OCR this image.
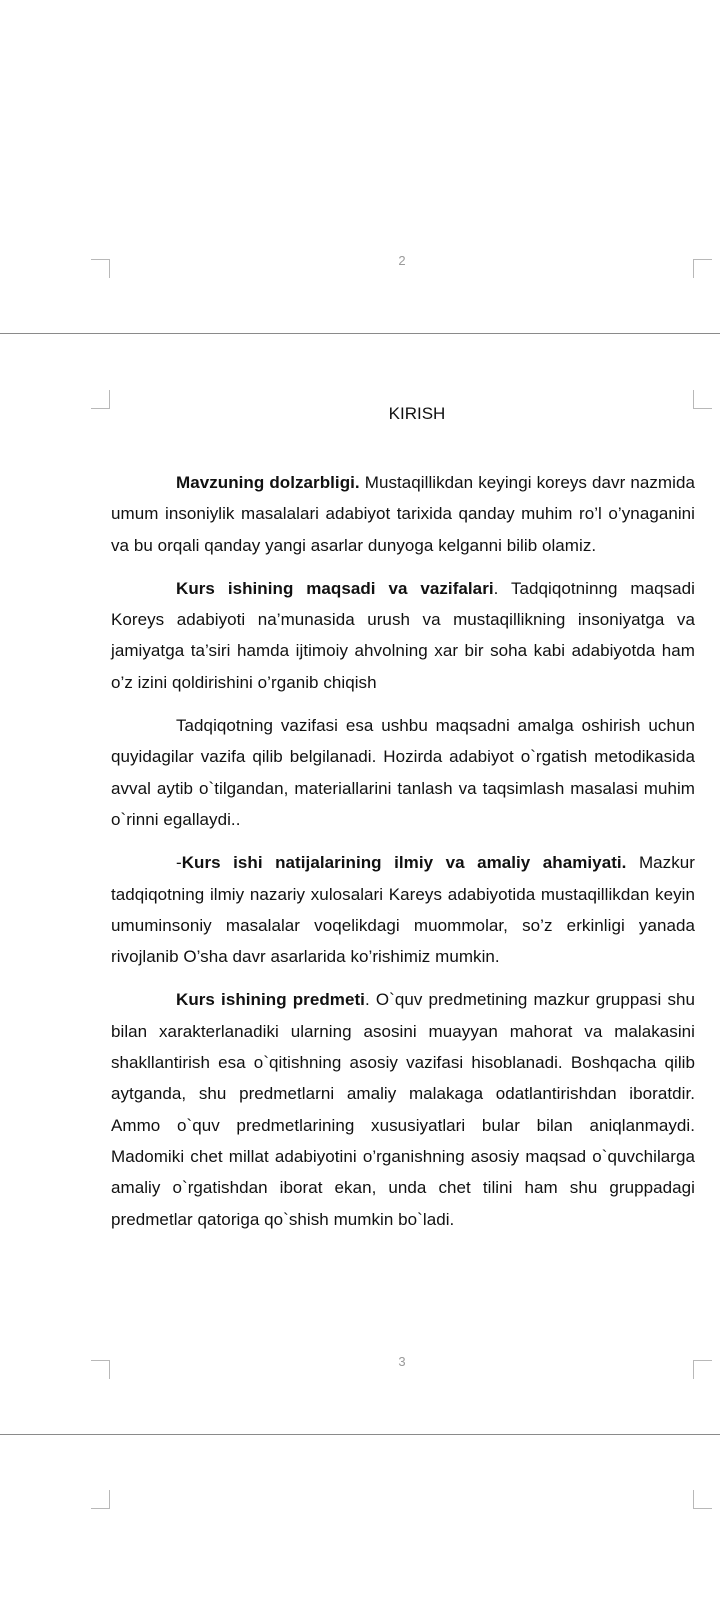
2
KIRISH

Mavzuning dolzarbligi. Mustaqillikdan keyingi koreys davr nazmida umum insoniylik masalalari adabiyot tarixida qanday muhim ro’l o’ynaganini va bu orqali qanday yangi asarlar dunyoga kelganni bilib olamiz.

Kurs ishining maqsadi va vazifalari. Tadqiqotninng maqsadi Koreys adabiyoti na’munasida urush va mustaqillikning insoniyatga va jamiyatga ta’siri hamda ijtimoiy ahvolning xar bir soha kabi adabiyotda ham o’z izini qoldirishini o’rganib chiqish

Tadqiqotning vazifasi esa ushbu maqsadni amalga oshirish uchun quyidagilar vazifa qilib belgilanadi. Hozirda adabiyot o`rgatish metodikasida avval aytib o`tilgandan, materiallarini tanlash va taqsimlash masalasi muhim o`rinni egallaydi..

-Kurs ishi natijalarining ilmiy va amaliy ahamiyati. Mazkur tadqiqotning ilmiy nazariy xulosalari Kareys adabiyotida mustaqillikdan keyin umuminsoniy masalalar voqelikdagi muommolar, so’z erkinligi yanada rivojlanib O’sha davr asarlarida ko’rishimiz mumkin.

Kurs ishining predmeti. O`quv predmetining mazkur gruppasi shu bilan xarakterlanadiki ularning asosini muayyan mahorat va malakasini shakllantirish esa o`qitishning asosiy vazifasi hisoblanadi. Boshqacha qilib aytganda, shu predmetlarni amaliy malakaga odatlantirishdan iboratdir. Ammo o`quv predmetlarining xususiyatlari bular bilan aniqlanmaydi. Madomiki chet millat adabiyotini o’rganishning asosiy maqsad o`quvchilarga amaliy o`rgatishdan iborat ekan, unda chet tilini ham shu gruppadagi predmetlar qatoriga qo`shish mumkin bo`ladi.

3
